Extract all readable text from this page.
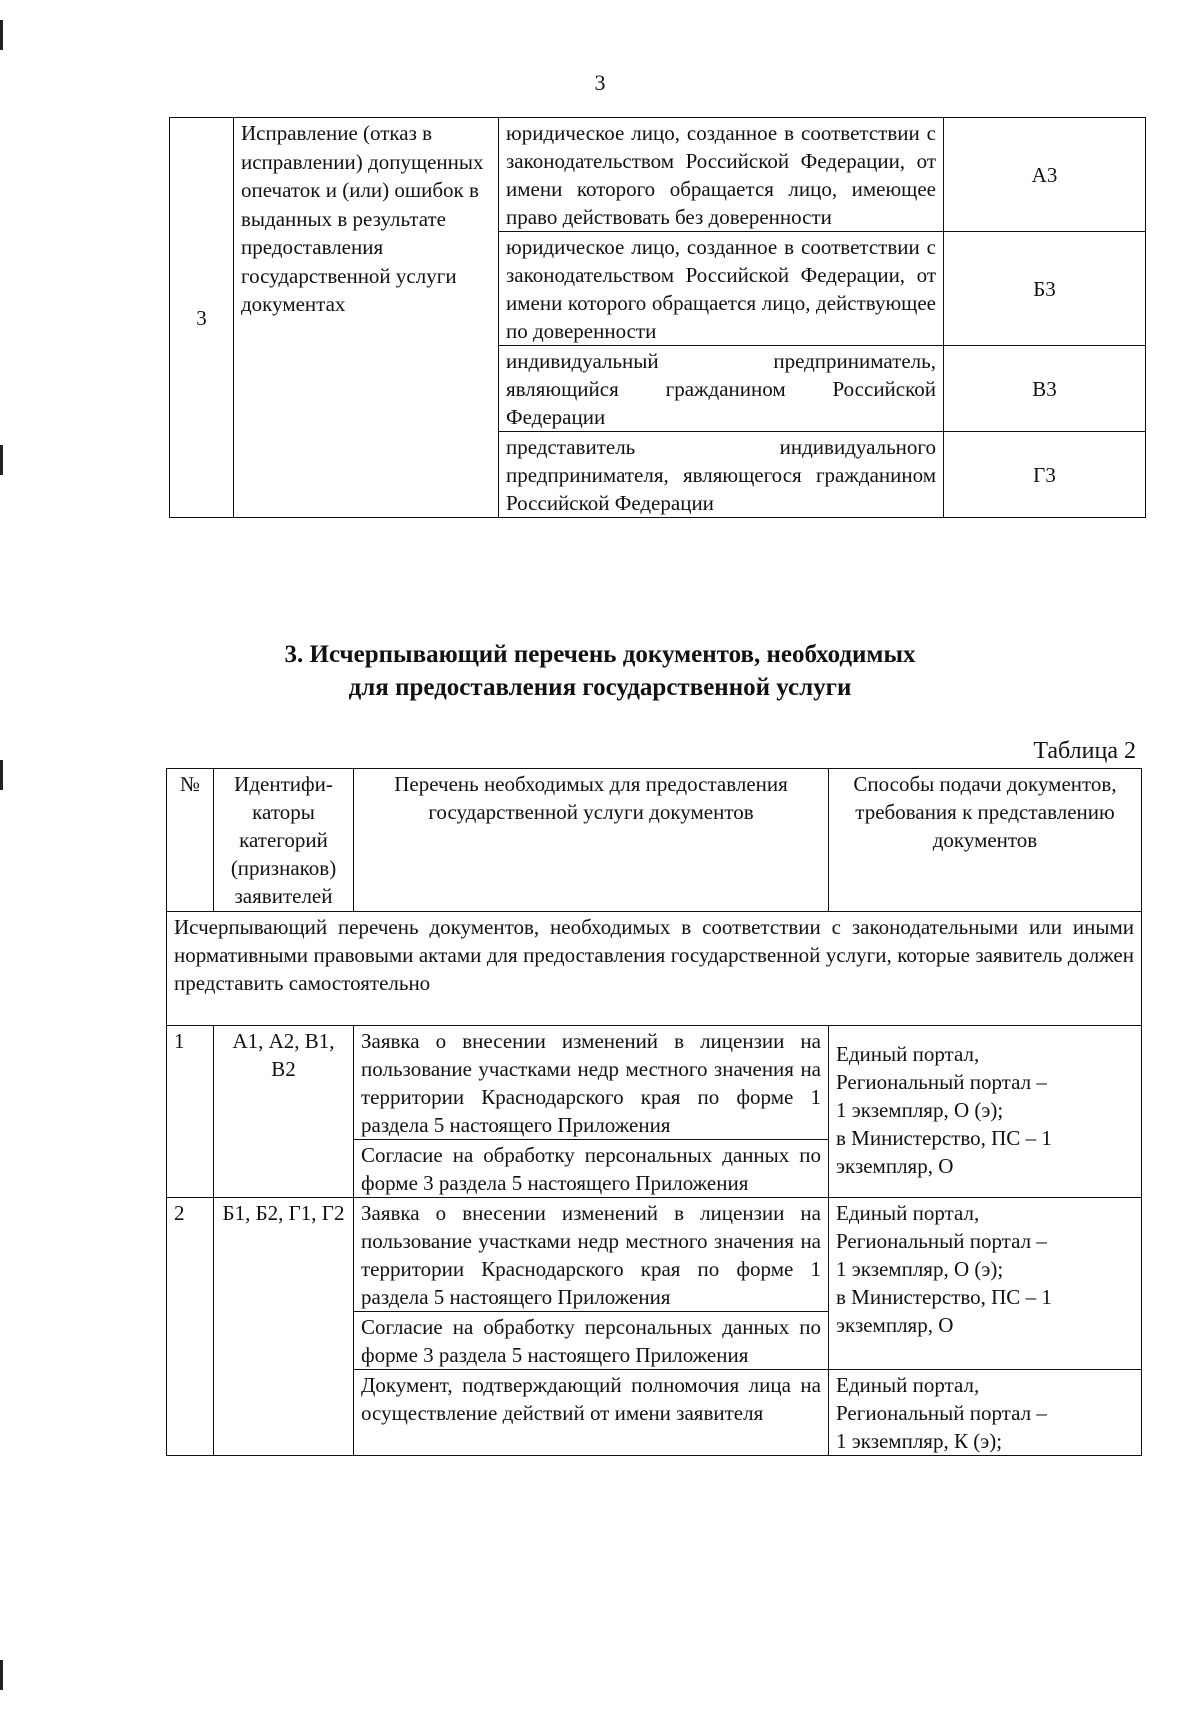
3
3	Исправление (отказ в исправлении) допущенных опечаток и (или) ошибок в выданных в результате предоставления государственной услуги документах	юридическое лицо, созданное в соответствии с законодательством Российской Федерации, от имени которого обращается лицо, имеющее право действовать без доверенности	А3
		юридическое лицо, созданное в соответствии с законодательством Российской Федерации, от имени которого обращается лицо, действующее по доверенности	Б3
		индивидуальный предприниматель, являющийся гражданином Российской Федерации	В3
		представитель индивидуального предпринимателя, являющегося гражданином Российской Федерации	Г3
3. Исчерпывающий перечень документов, необходимых
для предоставления государственной услуги
Таблица 2
№	Идентифи-каторы категорий (признаков) заявителей	Перечень необходимых для предоставления государственной услуги документов	Способы подачи документов, требования к представлению документов
Исчерпывающий перечень документов, необходимых в соответствии с законодательными или иными нормативными правовыми актами для предоставления государственной услуги, которые заявитель должен представить самостоятельно			
1	А1, А2, В1, В2	Заявка о внесении изменений в лицензии на пользование участками недр местного значения на территории Краснодарского края по форме 1 раздела 5 настоящего Приложения	Единый портал,
Региональный портал –
1 экземпляр, О (э);
в Министерство, ПС – 1
экземпляр, О

		Согласие на обработку персональных данных по форме 3 раздела 5 настоящего Приложения	
2	Б1, Б2, Г1, Г2	Заявка о внесении изменений в лицензии на пользование участками недр местного значения на территории Краснодарского края по форме 1 раздела 5 настоящего Приложения	Единый портал,
Региональный портал –
1 экземпляр, О (э);
в Министерство, ПС – 1
экземпляр, О

		Согласие на обработку персональных данных по форме 3 раздела 5 настоящего Приложения	
		Документ, подтверждающий полномочия лица на осуществление действий от имени заявителя	Единый портал,
Региональный портал –
1 экземпляр, К (э);
